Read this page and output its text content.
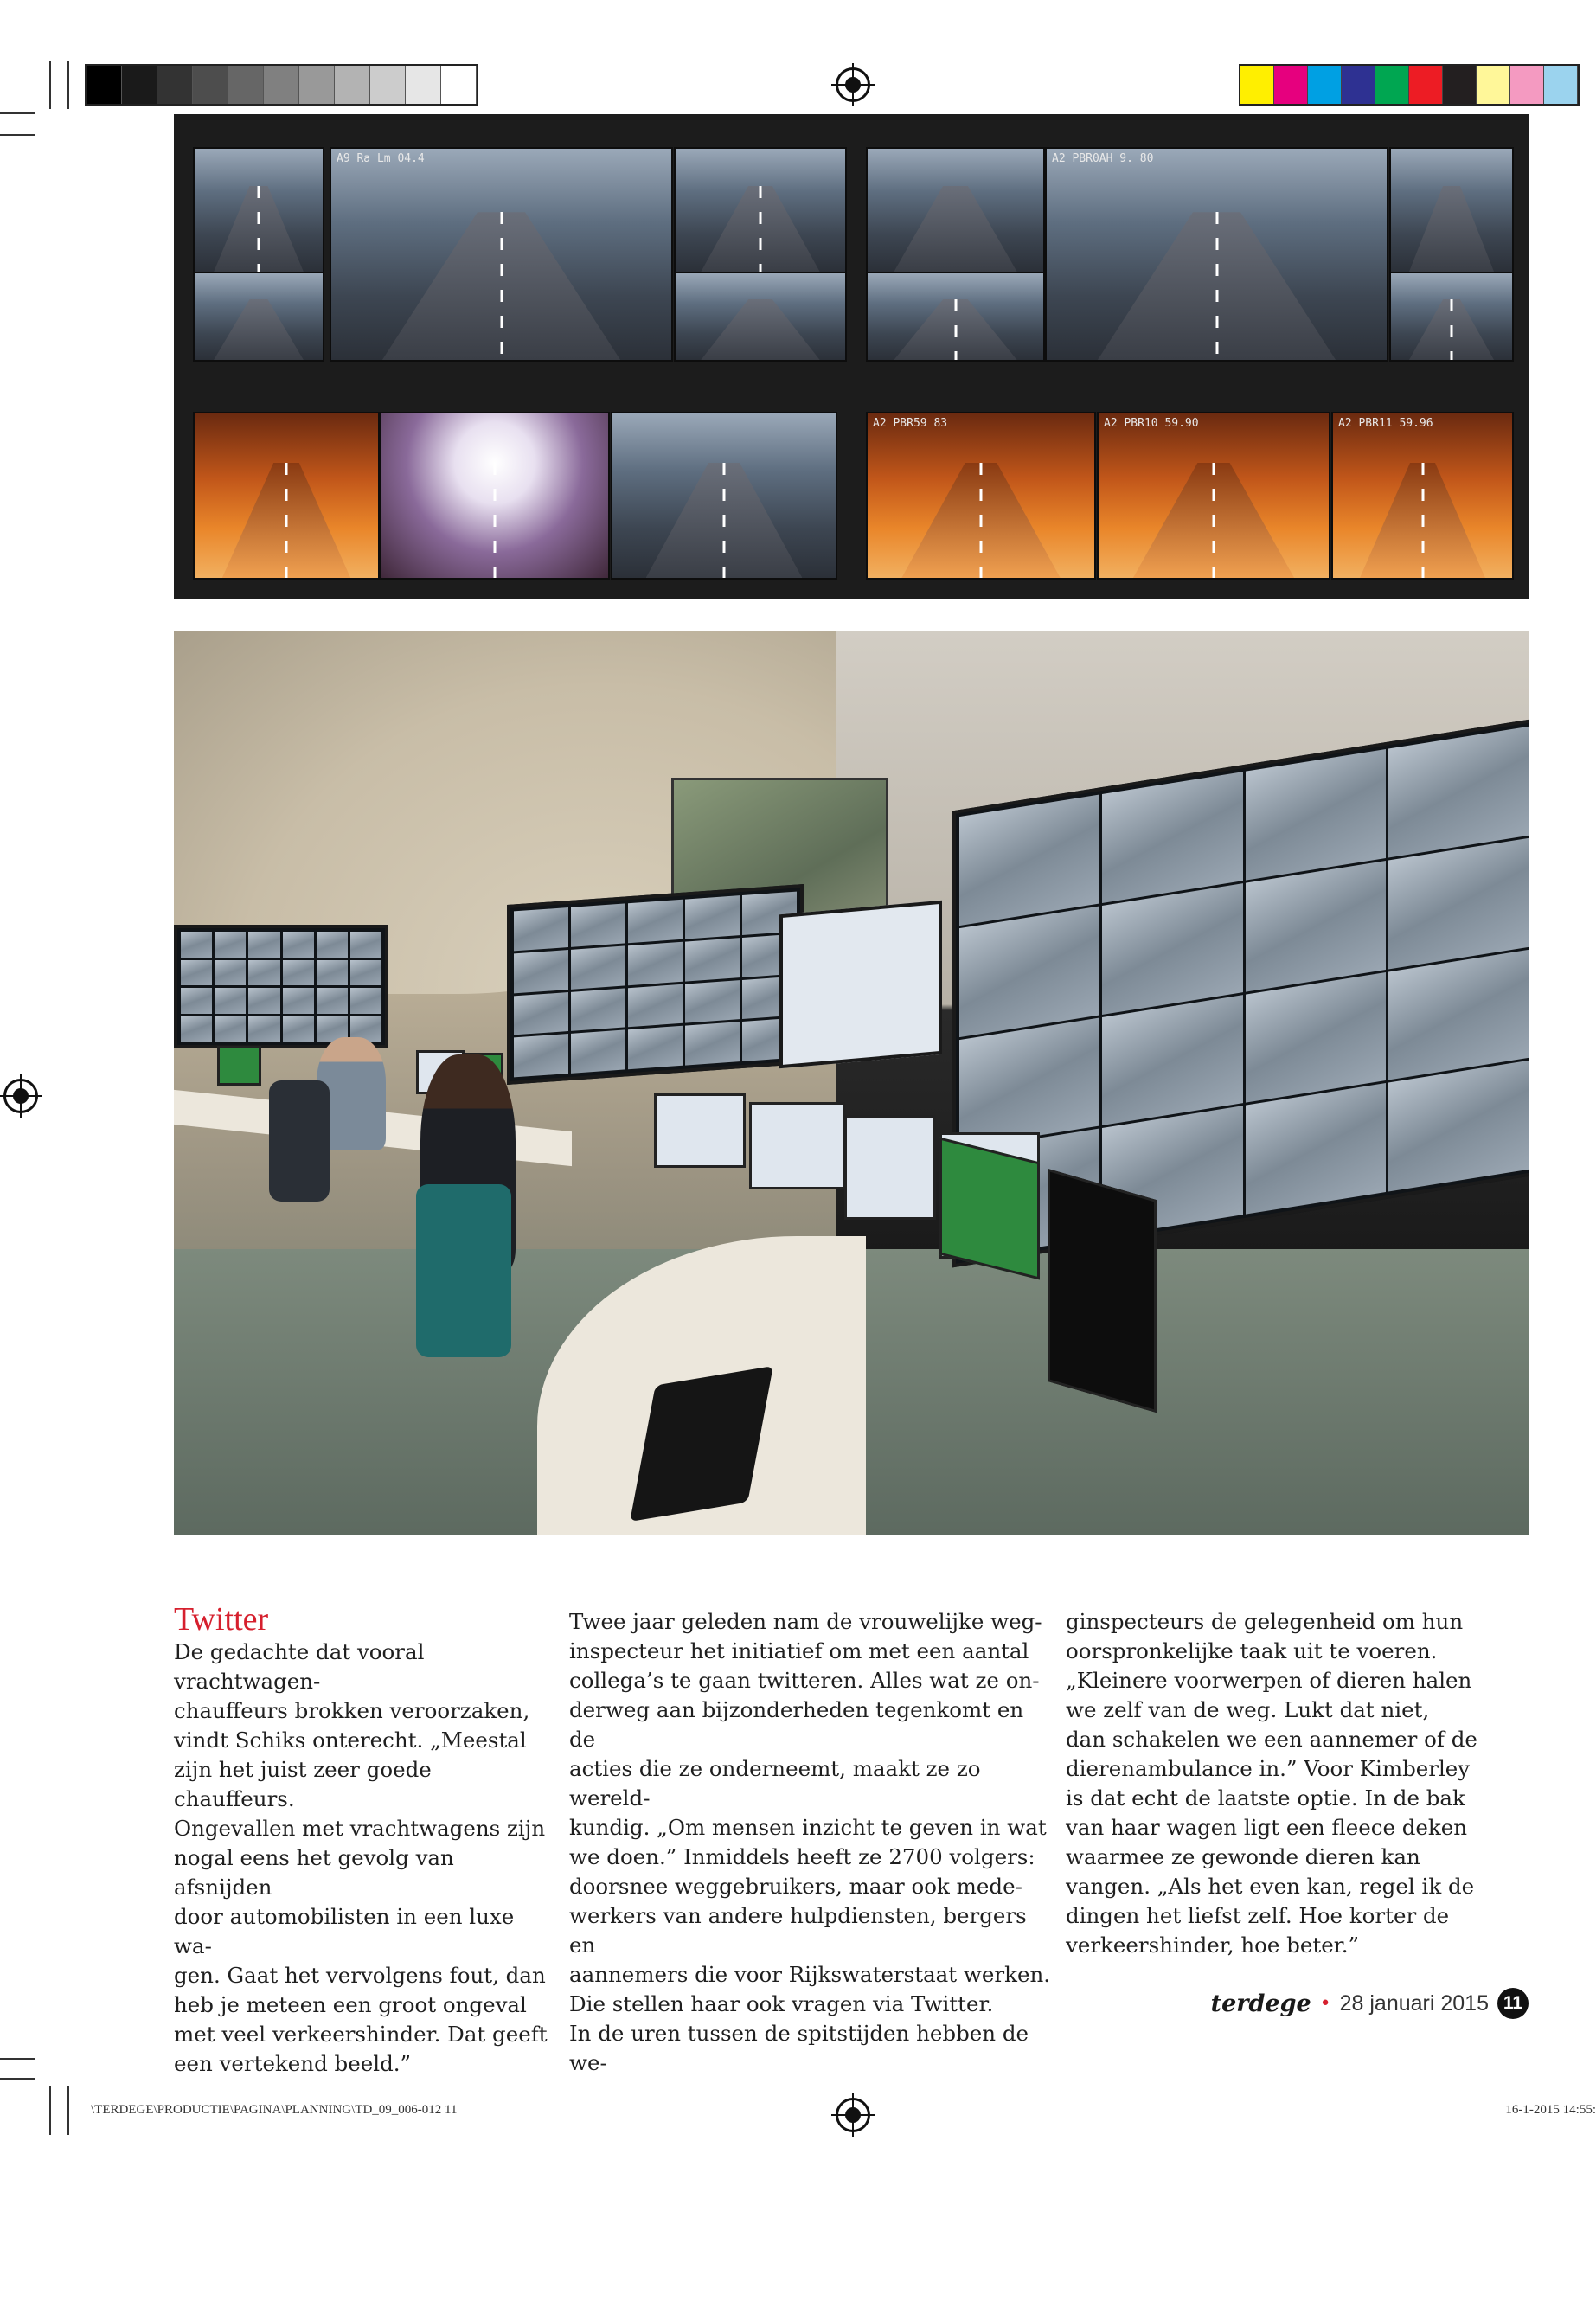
A9 Ra Lm 04.4	A2 PBR0AH 9. 80
A2 PBR59 83	A2 PBR10 59.90	A2 PBR11 59.96
Twitter

De gedachte dat vooral vrachtwagen-

chauffeurs brokken veroorzaken,

vindt Schiks onterecht. „Meestal

zijn het juist zeer goede chauffeurs.

Ongevallen met vrachtwagens zijn

nogal eens het gevolg van afsnijden

door automobilisten in een luxe wa-

gen. Gaat het vervolgens fout, dan

heb je meteen een groot ongeval

met veel verkeershinder. Dat geeft

een vertekend beeld.”

Twee jaar geleden nam de vrouwelijke weg-

inspecteur het initiatief om met een aantal

collega’s te gaan twitteren. Alles wat ze on-

derweg aan bijzonderheden tegenkomt en de

acties die ze onderneemt, maakt ze zo wereld-

kundig. „Om mensen inzicht te geven in wat

we doen.” Inmiddels heeft ze 2700 volgers:

doorsnee weggebruikers, maar ook mede-

werkers van andere hulpdiensten, bergers en

aannemers die voor Rijkswaterstaat werken.

Die stellen haar ook vragen via Twitter.

In de uren tussen de spitstijden hebben de we-

ginspecteurs de gelegenheid om hun

oorspronkelijke taak uit te voeren.

„Kleinere voorwerpen of dieren halen

we zelf van de weg. Lukt dat niet,

dan schakelen we een aannemer of de

dierenambulance in.” Voor Kimberley

is dat echt de laatste optie. In de bak

van haar wagen ligt een fleece deken

waarmee ze gewonde dieren kan

vangen. „Als het even kan, regel ik de

dingen het liefst zelf. Hoe korter de

verkeershinder, hoe beter.”

terdege • 28 januari 2015 11
\TERDEGE\PRODUCTIE\PAGINA\PLANNING\TD_09_006-012 11	16-1-2015 14:55:
